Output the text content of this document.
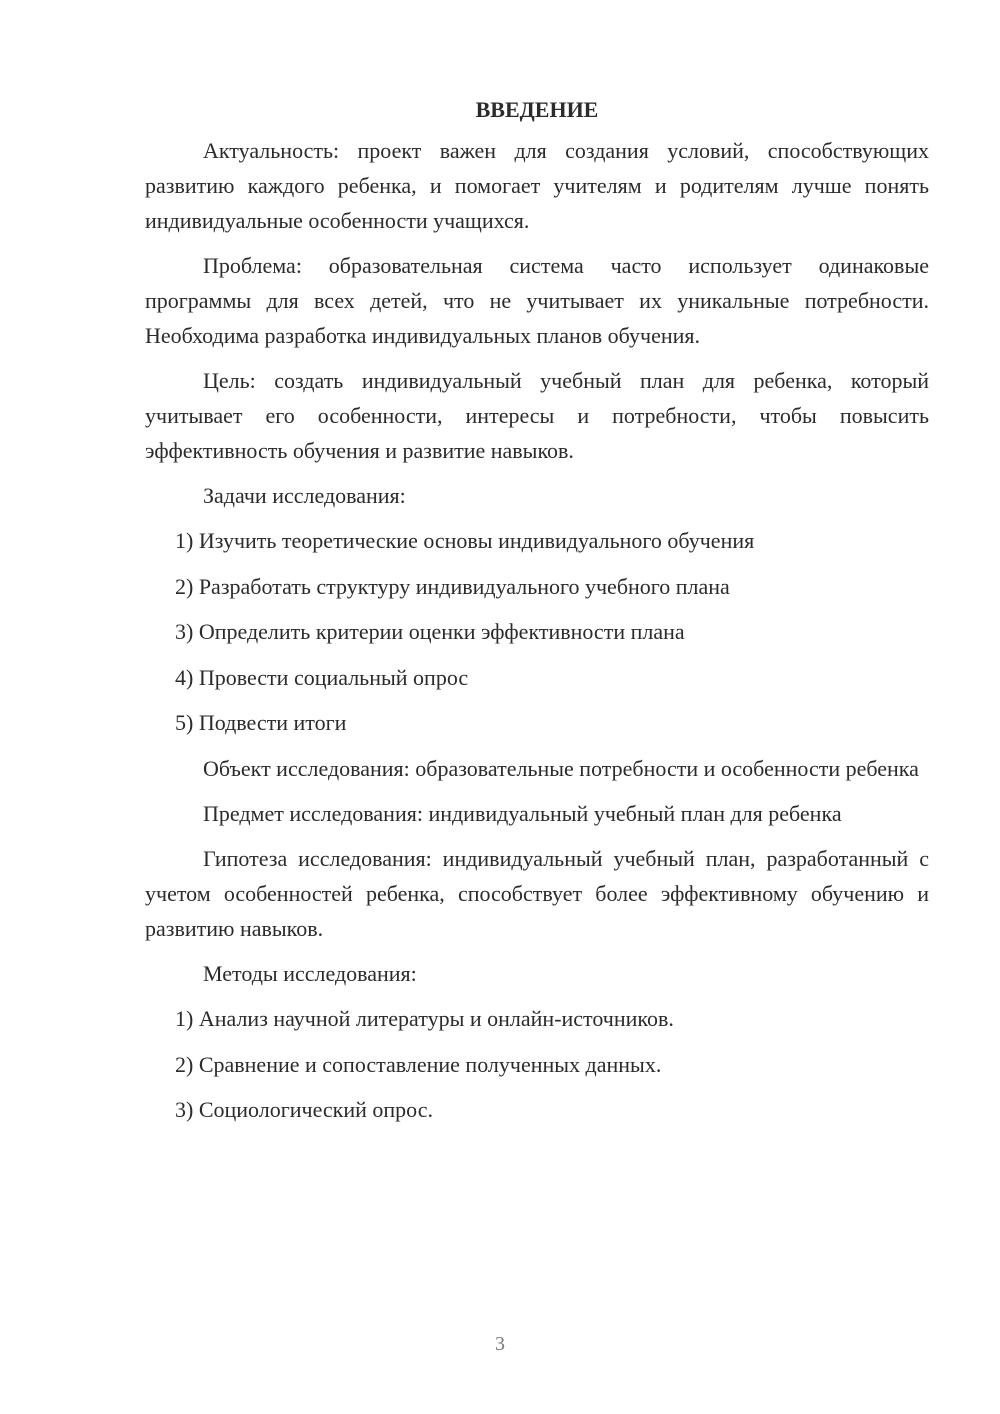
ВВЕДЕНИЕ

Актуальность: проект важен для создания условий, способствующих развитию каждого ребенка, и помогает учителям и родителям лучше понять индивидуальные особенности учащихся.

Проблема: образовательная система часто использует одинаковые программы для всех детей, что не учитывает их уникальные потребности. Необходима разработка индивидуальных планов обучения.

Цель: создать индивидуальный учебный план для ребенка, который учитывает его особенности, интересы и потребности, чтобы повысить эффективность обучения и развитие навыков.

Задачи исследования:
1) Изучить теоретические основы индивидуального обучения
2) Разработать структуру индивидуального учебного плана
3) Определить критерии оценки эффективности плана
4) Провести социальный опрос
5) Подвести итоги

Объект исследования: образовательные потребности и особенности ребенка

Предмет исследования: индивидуальный учебный план для ребенка

Гипотеза исследования: индивидуальный учебный план, разработанный с учетом особенностей ребенка, способствует более эффективному обучению и развитию навыков.

Методы исследования:
1) Анализ научной литературы и онлайн-источников.
2) Сравнение и сопоставление полученных данных.
3) Социологический опрос.
3
